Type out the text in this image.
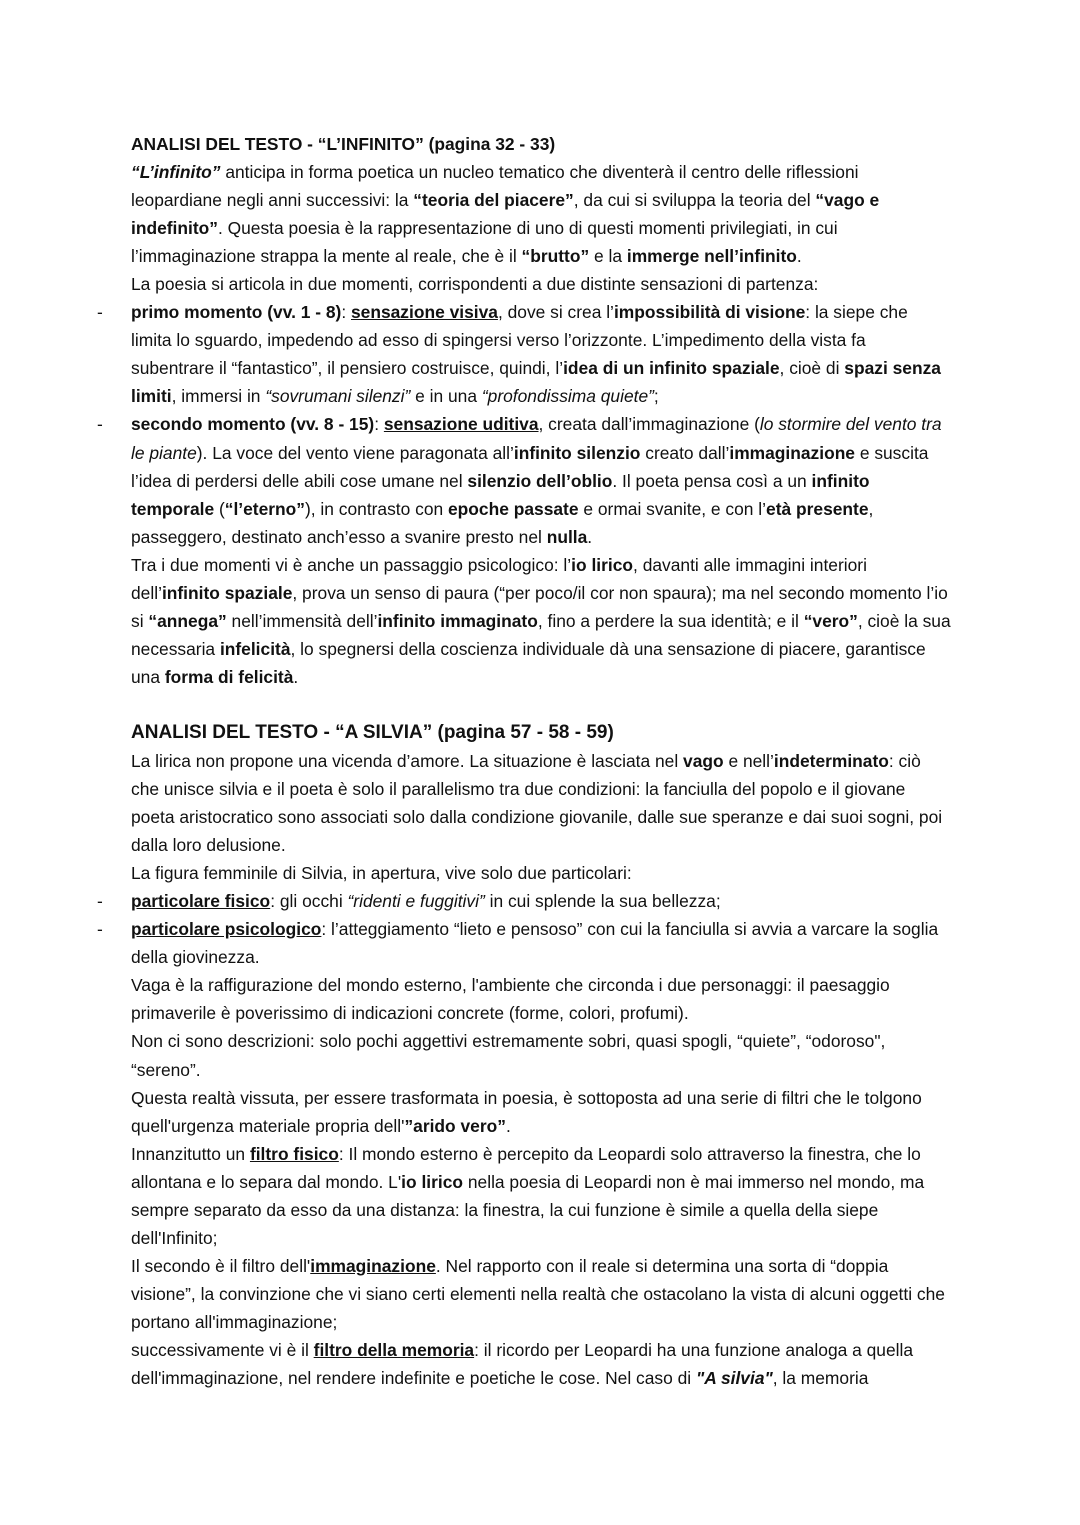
ANALISI DEL TESTO - “L’INFINITO” (pagina 32 - 33)

“L’infinito” anticipa in forma poetica un nucleo tematico che diventerà il centro delle riflessioni leopardiane negli anni successivi: la “teoria del piacere”, da cui si sviluppa la teoria del “vago e indefinito”. Questa poesia è la rappresentazione di uno di questi momenti privilegiati, in cui l’immaginazione strappa la mente al reale, che è il “brutto” e la immerge nell’infinito.

La poesia si articola in due momenti, corrispondenti a due distinte sensazioni di partenza:

- primo momento (vv. 1 - 8): sensazione visiva, dove si crea l’impossibilità di visione: la siepe che limita lo sguardo, impedendo ad esso di spingersi verso l’orizzonte. L’impedimento della vista fa subentrare il “fantastico”, il pensiero costruisce, quindi, l’idea di un infinito spaziale, cioè di spazi senza limiti, immersi in “sovrumani silenzi” e in una “profondissima quiete”;
- secondo momento (vv. 8 - 15): sensazione uditiva, creata dall’immaginazione (lo stormire del vento tra le piante). La voce del vento viene paragonata all’infinito silenzio creato dall’immaginazione e suscita l’idea di perdersi delle abili cose umane nel silenzio dell’oblio. Il poeta pensa così a un infinito temporale (“l’eterno”), in contrasto con epoche passate e ormai svanite, e con l’età presente, passeggero, destinato anch’esso a svanire presto nel nulla.

Tra i due momenti vi è anche un passaggio psicologico: l’io lirico, davanti alle immagini interiori dell’infinito spaziale, prova un senso di paura (“per poco/il cor non spaura); ma nel secondo momento l’io si “annega” nell’immensità dell’infinito immaginato, fino a perdere la sua identità; e il “vero”, cioè la sua necessaria infelicità, lo spegnersi della coscienza individuale dà una sensazione di piacere, garantisce una forma di felicità.

ANALISI DEL TESTO - “A SILVIA” (pagina 57 - 58 - 59)

La lirica non propone una vicenda d’amore. La situazione è lasciata nel vago e nell’indeterminato: ciò che unisce silvia e il poeta è solo il parallelismo tra due condizioni: la fanciulla del popolo e il giovane poeta aristocratico sono associati solo dalla condizione giovanile, dalle sue speranze e dai suoi sogni, poi dalla loro delusione.

La figura femminile di Silvia, in apertura, vive solo due particolari:

- particolare fisico: gli occhi “ridenti e fuggitivi” in cui splende la sua bellezza;
- particolare psicologico: l’atteggiamento “lieto e pensoso” con cui la fanciulla si avvia a varcare la soglia della giovinezza.

Vaga è la raffigurazione del mondo esterno, l'ambiente che circonda i due personaggi: il paesaggio primaverile è poverissimo di indicazioni concrete (forme, colori, profumi).

Non ci sono descrizioni: solo pochi aggettivi estremamente sobri, quasi spogli, “quiete”, “odoroso", “sereno”.

Questa realtà vissuta, per essere trasformata in poesia, è sottoposta ad una serie di filtri che le tolgono quell'urgenza materiale propria dell'”arido vero”.

Innanzitutto un filtro fisico: Il mondo esterno è percepito da Leopardi solo attraverso la finestra, che lo allontana e lo separa dal mondo. L'io lirico nella poesia di Leopardi non è mai immerso nel mondo, ma sempre separato da esso da una distanza: la finestra, la cui funzione è simile a quella della siepe dell'Infinito;

Il secondo è il filtro dell'immaginazione. Nel rapporto con il reale si determina una sorta di “doppia visione”, la convinzione che vi siano certi elementi nella realtà che ostacolano la vista di alcuni oggetti che portano all'immaginazione;

successivamente vi è il filtro della memoria: il ricordo per Leopardi ha una funzione analoga a quella dell'immaginazione, nel rendere indefinite e poetiche le cose. Nel caso di "A silvia", la memoria
